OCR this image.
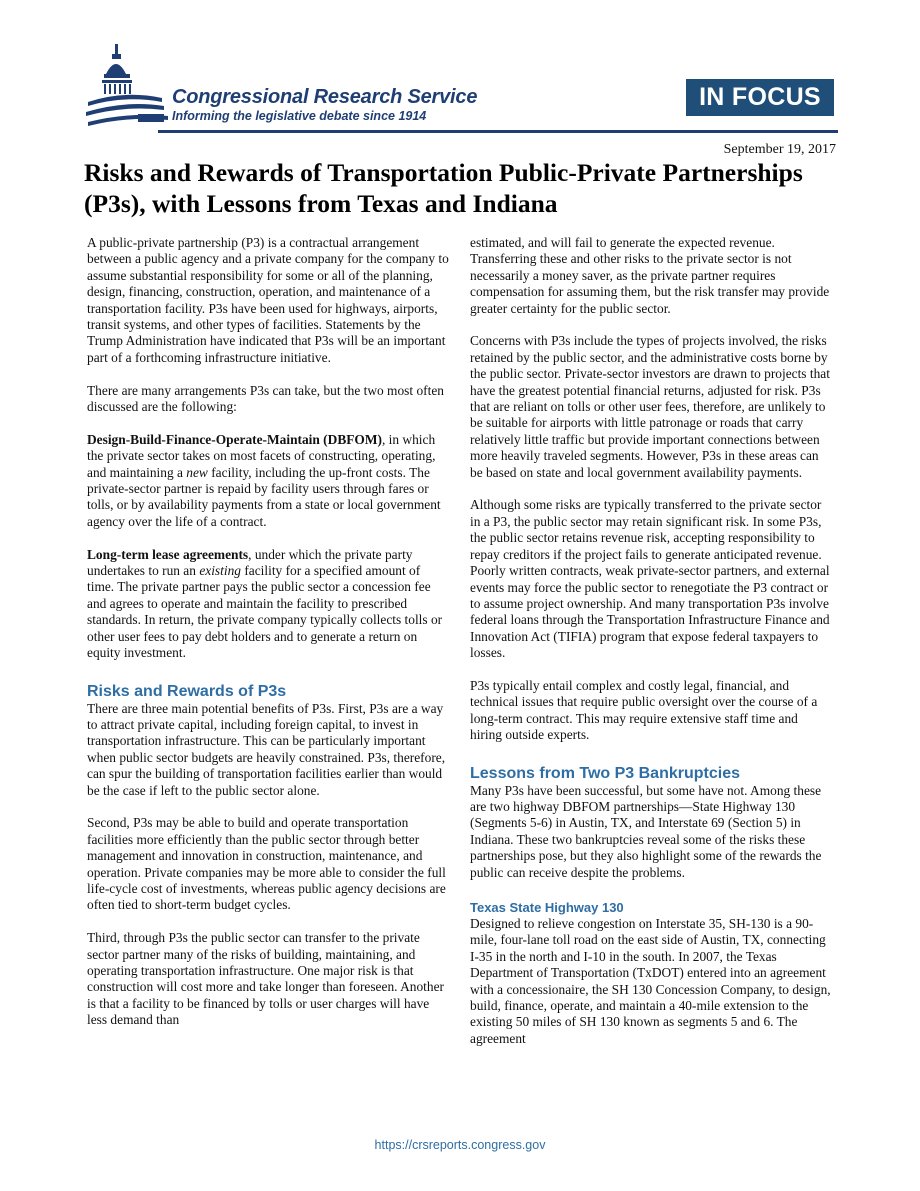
Congressional Research Service
Informing the legislative debate since 1914
IN FOCUS
September 19, 2017
Risks and Rewards of Transportation Public-Private Partnerships (P3s), with Lessons from Texas and Indiana

A public-private partnership (P3) is a contractual arrangement between a public agency and a private company for the company to assume substantial responsibility for some or all of the planning, design, financing, construction, operation, and maintenance of a transportation facility. P3s have been used for highways, airports, transit systems, and other types of facilities. Statements by the Trump Administration have indicated that P3s will be an important part of a forthcoming infrastructure initiative.

There are many arrangements P3s can take, but the two most often discussed are the following:

Design-Build-Finance-Operate-Maintain (DBFOM), in which the private sector takes on most facets of constructing, operating, and maintaining a new facility, including the up-front costs. The private-sector partner is repaid by facility users through fares or tolls, or by availability payments from a state or local government agency over the life of a contract.

Long-term lease agreements, under which the private party undertakes to run an existing facility for a specified amount of time. The private partner pays the public sector a concession fee and agrees to operate and maintain the facility to prescribed standards. In return, the private company typically collects tolls or other user fees to pay debt holders and to generate a return on equity investment.

Risks and Rewards of P3s

There are three main potential benefits of P3s. First, P3s are a way to attract private capital, including foreign capital, to invest in transportation infrastructure. This can be particularly important when public sector budgets are heavily constrained. P3s, therefore, can spur the building of transportation facilities earlier than would be the case if left to the public sector alone.

Second, P3s may be able to build and operate transportation facilities more efficiently than the public sector through better management and innovation in construction, maintenance, and operation. Private companies may be more able to consider the full life-cycle cost of investments, whereas public agency decisions are often tied to short-term budget cycles.

Third, through P3s the public sector can transfer to the private sector partner many of the risks of building, maintaining, and operating transportation infrastructure. One major risk is that construction will cost more and take longer than foreseen. Another is that a facility to be financed by tolls or user charges will have less demand than

estimated, and will fail to generate the expected revenue. Transferring these and other risks to the private sector is not necessarily a money saver, as the private partner requires compensation for assuming them, but the risk transfer may provide greater certainty for the public sector.

Concerns with P3s include the types of projects involved, the risks retained by the public sector, and the administrative costs borne by the public sector. Private-sector investors are drawn to projects that have the greatest potential financial returns, adjusted for risk. P3s that are reliant on tolls or other user fees, therefore, are unlikely to be suitable for airports with little patronage or roads that carry relatively little traffic but provide important connections between more heavily traveled segments. However, P3s in these areas can be based on state and local government availability payments.

Although some risks are typically transferred to the private sector in a P3, the public sector may retain significant risk. In some P3s, the public sector retains revenue risk, accepting responsibility to repay creditors if the project fails to generate anticipated revenue. Poorly written contracts, weak private-sector partners, and external events may force the public sector to renegotiate the P3 contract or to assume project ownership. And many transportation P3s involve federal loans through the Transportation Infrastructure Finance and Innovation Act (TIFIA) program that expose federal taxpayers to losses.

P3s typically entail complex and costly legal, financial, and technical issues that require public oversight over the course of a long-term contract. This may require extensive staff time and hiring outside experts.

Lessons from Two P3 Bankruptcies

Many P3s have been successful, but some have not. Among these are two highway DBFOM partnerships—State Highway 130 (Segments 5-6) in Austin, TX, and Interstate 69 (Section 5) in Indiana. These two bankruptcies reveal some of the risks these partnerships pose, but they also highlight some of the rewards the public can receive despite the problems.

Texas State Highway 130

Designed to relieve congestion on Interstate 35, SH-130 is a 90-mile, four-lane toll road on the east side of Austin, TX, connecting I-35 in the north and I-10 in the south. In 2007, the Texas Department of Transportation (TxDOT) entered into an agreement with a concessionaire, the SH 130 Concession Company, to design, build, finance, operate, and maintain a 40-mile extension to the existing 50 miles of SH 130 known as segments 5 and 6. The agreement

https://crsreports.congress.gov
